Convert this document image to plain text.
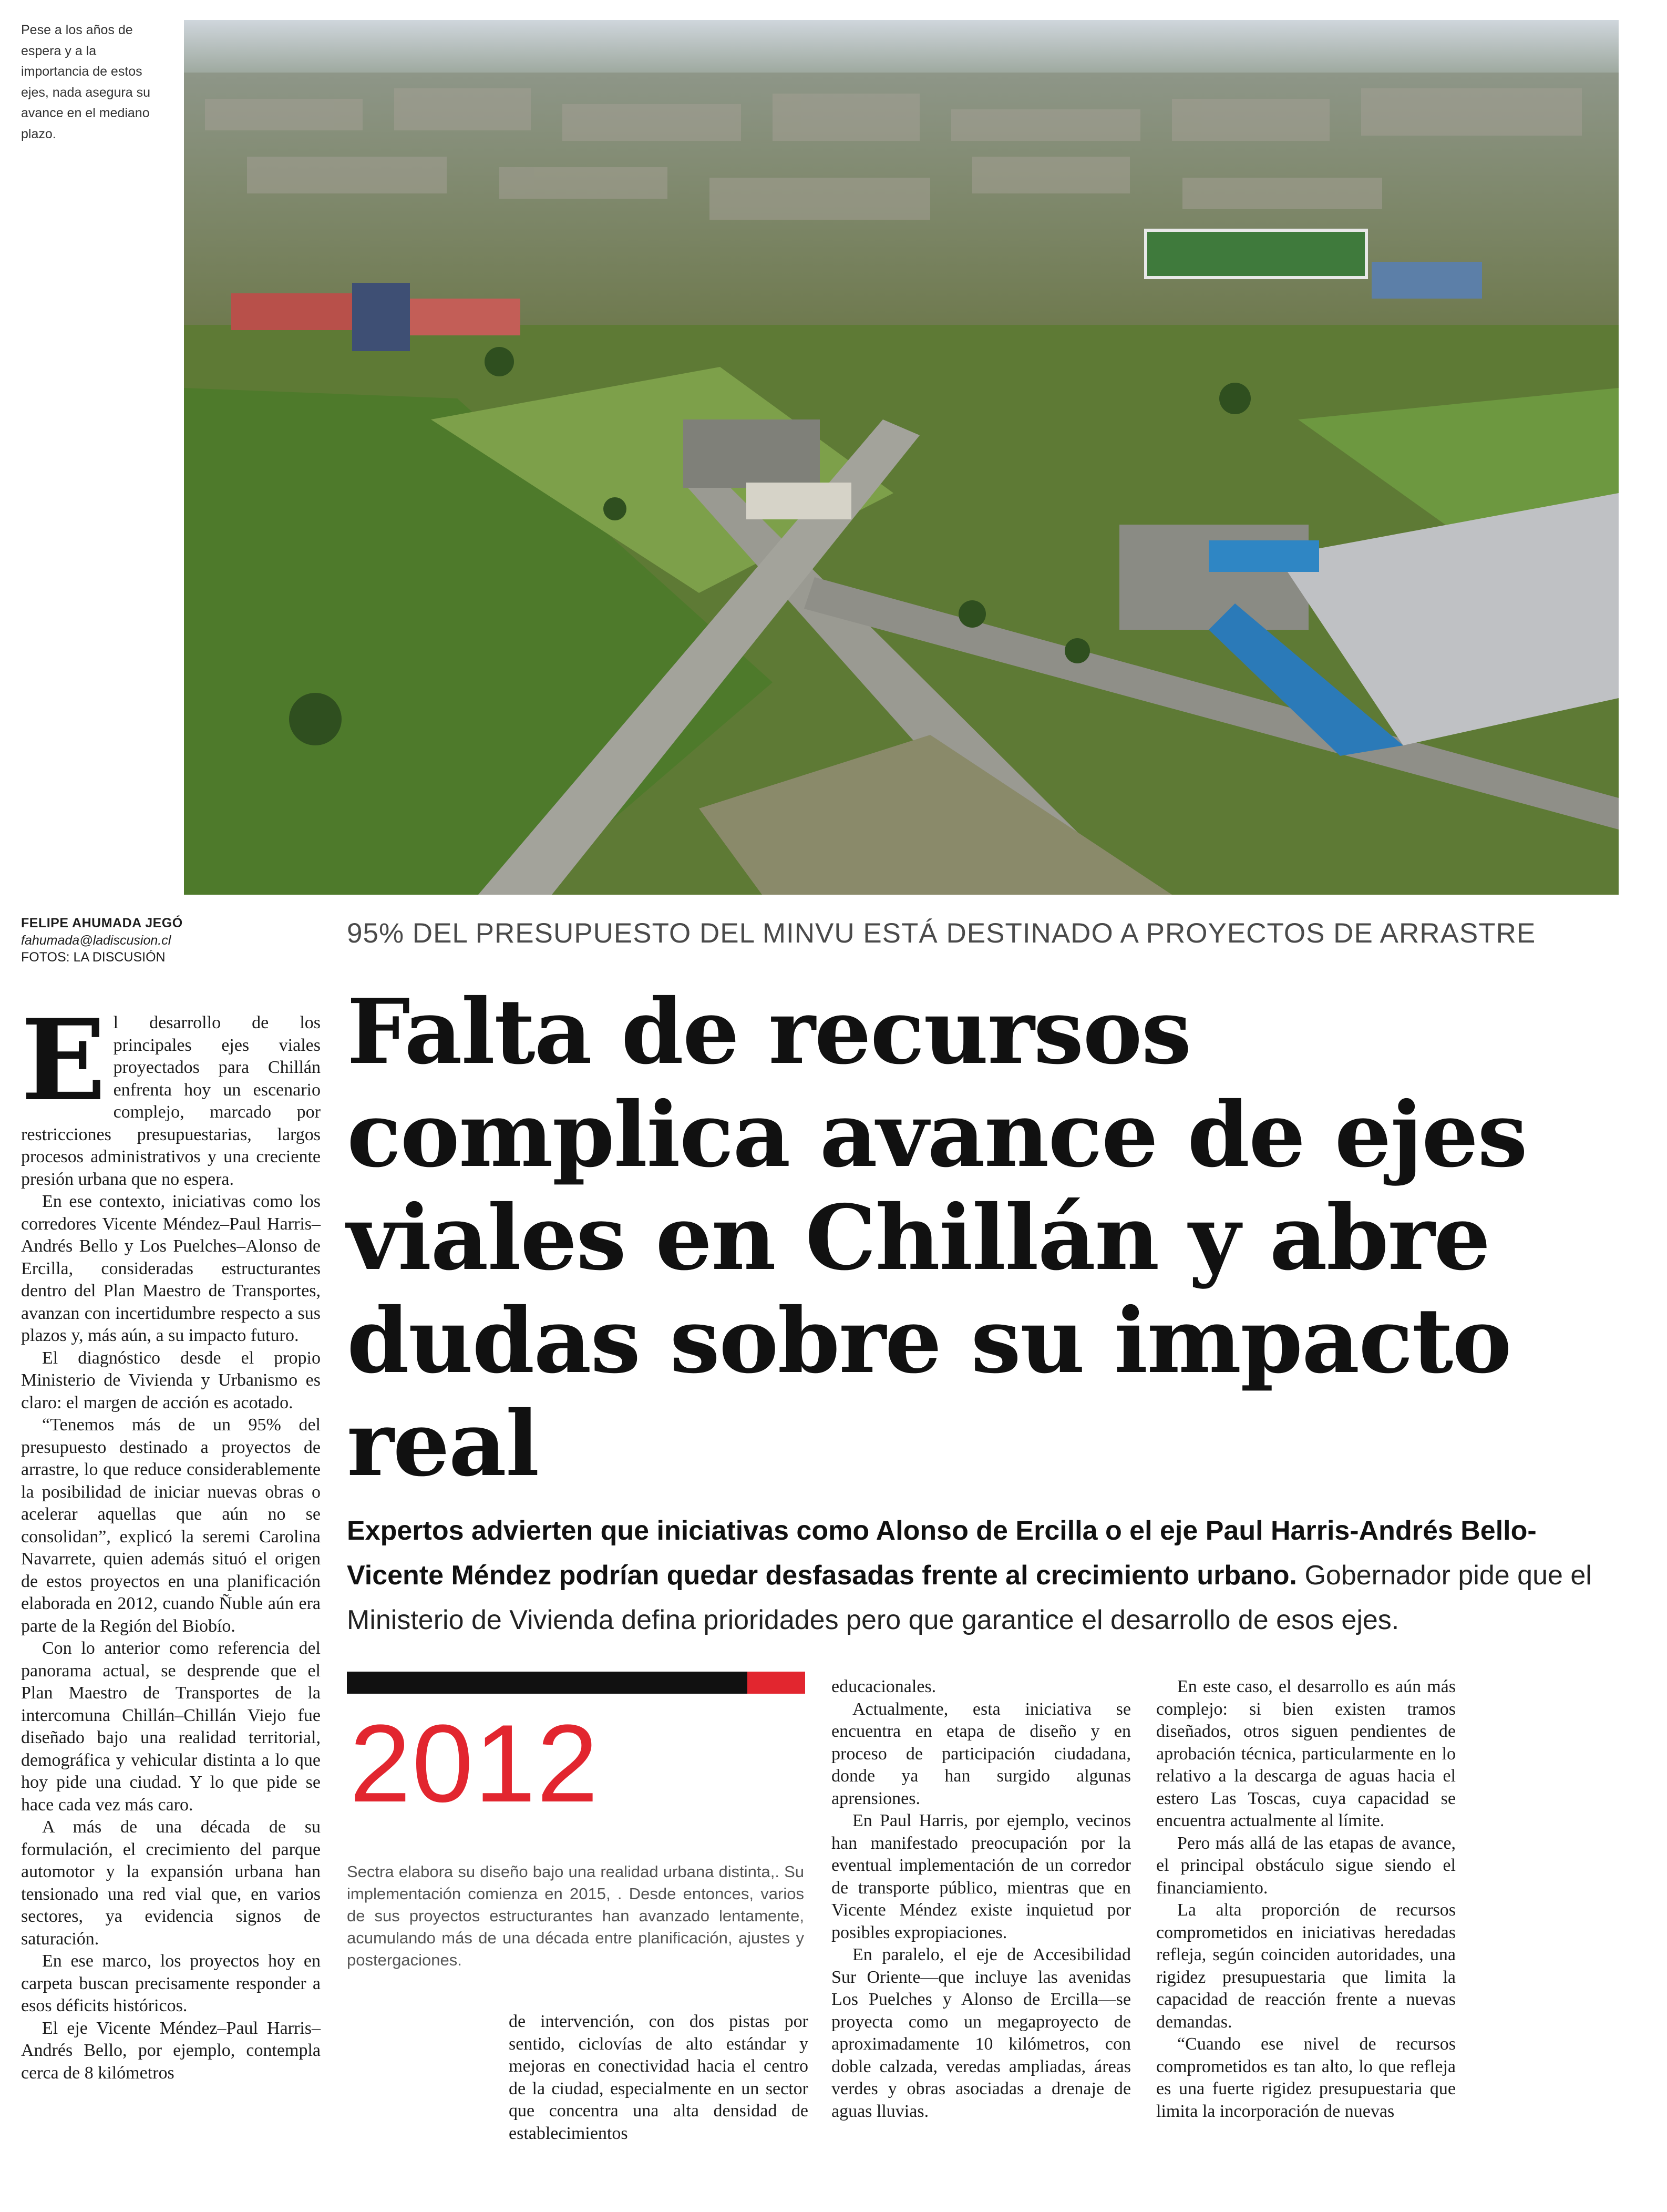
Pese a los años de espera y a la importancia de estos ejes, nada asegura su avance en el mediano plazo.
FELIPE AHUMADA JEGÓ
fahumada@ladiscusion.cl
FOTOS: LA DISCUSIÓN
95% DEL PRESUPUESTO DEL MINVU ESTÁ DESTINADO A PROYECTOS DE ARRASTRE
Falta de recursos complica avance de ejes viales en Chillán y abre dudas sobre su impacto real
Expertos advierten que iniciativas como Alonso de Ercilla o el eje Paul Harris-Andrés Bello-Vicente Méndez podrían quedar desfasadas frente al crecimiento urbano. Gobernador pide que el Ministerio de Vivienda defina prioridades pero que garantice el desarrollo de esos ejes.
E l desarrollo de los principales ejes viales proyectados para Chillán enfrenta hoy un escenario complejo, marcado por restricciones presupuestarias, largos procesos administrativos y una creciente presión urbana que no espera.

En ese contexto, iniciativas como los corredores Vicente Méndez–Paul Harris–Andrés Bello y Los Puelches–Alonso de Ercilla, consideradas estructurantes dentro del Plan Maestro de Transportes, avanzan con incertidumbre respecto a sus plazos y, más aún, a su impacto futuro.

El diagnóstico desde el propio Ministerio de Vivienda y Urbanismo es claro: el margen de acción es acotado.

“Tenemos más de un 95% del presupuesto destinado a proyectos de arrastre, lo que reduce considerablemente la posibilidad de iniciar nuevas obras o acelerar aquellas que aún no se consolidan”, explicó la seremi Carolina Navarrete, quien además situó el origen de estos proyectos en una planificación elaborada en 2012, cuando Ñuble aún era parte de la Región del Biobío.

Con lo anterior como referencia del panorama actual, se desprende que el Plan Maestro de Transportes de la intercomuna Chillán–Chillán Viejo fue diseñado bajo una realidad territorial, demográfica y vehicular distinta a lo que hoy pide una ciudad. Y lo que pide se hace cada vez más caro.

A más de una década de su formulación, el crecimiento del parque automotor y la expansión urbana han tensionado una red vial que, en varios sectores, ya evidencia signos de saturación.

En ese marco, los proyectos hoy en carpeta buscan precisamente responder a esos déficits históricos.

El eje Vicente Méndez–Paul Harris–Andrés Bello, por ejemplo, contempla cerca de 8 kilómetros

2012
Sectra elabora su diseño bajo una realidad urbana distinta,. Su implementación comienza en 2015, . Desde entonces, varios de sus proyectos estructurantes han avanzado lentamente, acumulando más de una década entre planificación, ajustes y postergaciones.

de intervención, con dos pistas por sentido, ciclovías de alto estándar y mejoras en conectividad hacia el centro de la ciudad, especialmente en un sector que concentra una alta densidad de establecimientos

educacionales.

Actualmente, esta iniciativa se encuentra en etapa de diseño y en proceso de participación ciudadana, donde ya han surgido algunas aprensiones.

En Paul Harris, por ejemplo, vecinos han manifestado preocupación por la eventual implementación de un corredor de transporte público, mientras que en Vicente Méndez existe inquietud por posibles expropiaciones.

En paralelo, el eje de Accesibilidad Sur Oriente—que incluye las avenidas Los Puelches y Alonso de Ercilla—se proyecta como un megaproyecto de aproximadamente 10 kilómetros, con doble calzada, veredas ampliadas, áreas verdes y obras asociadas a drenaje de aguas lluvias.

En este caso, el desarrollo es aún más complejo: si bien existen tramos diseñados, otros siguen pendientes de aprobación técnica, particularmente en lo relativo a la descarga de aguas hacia el estero Las Toscas, cuya capacidad se encuentra actualmente al límite.

Pero más allá de las etapas de avance, el principal obstáculo sigue siendo el financiamiento.

La alta proporción de recursos comprometidos en iniciativas heredadas refleja, según coinciden autoridades, una rigidez presupuestaria que limita la capacidad de reacción frente a nuevas demandas.

“Cuando ese nivel de recursos comprometidos es tan alto, lo que refleja es una fuerte rigidez presupuestaria que limita la incorporación de nuevas
